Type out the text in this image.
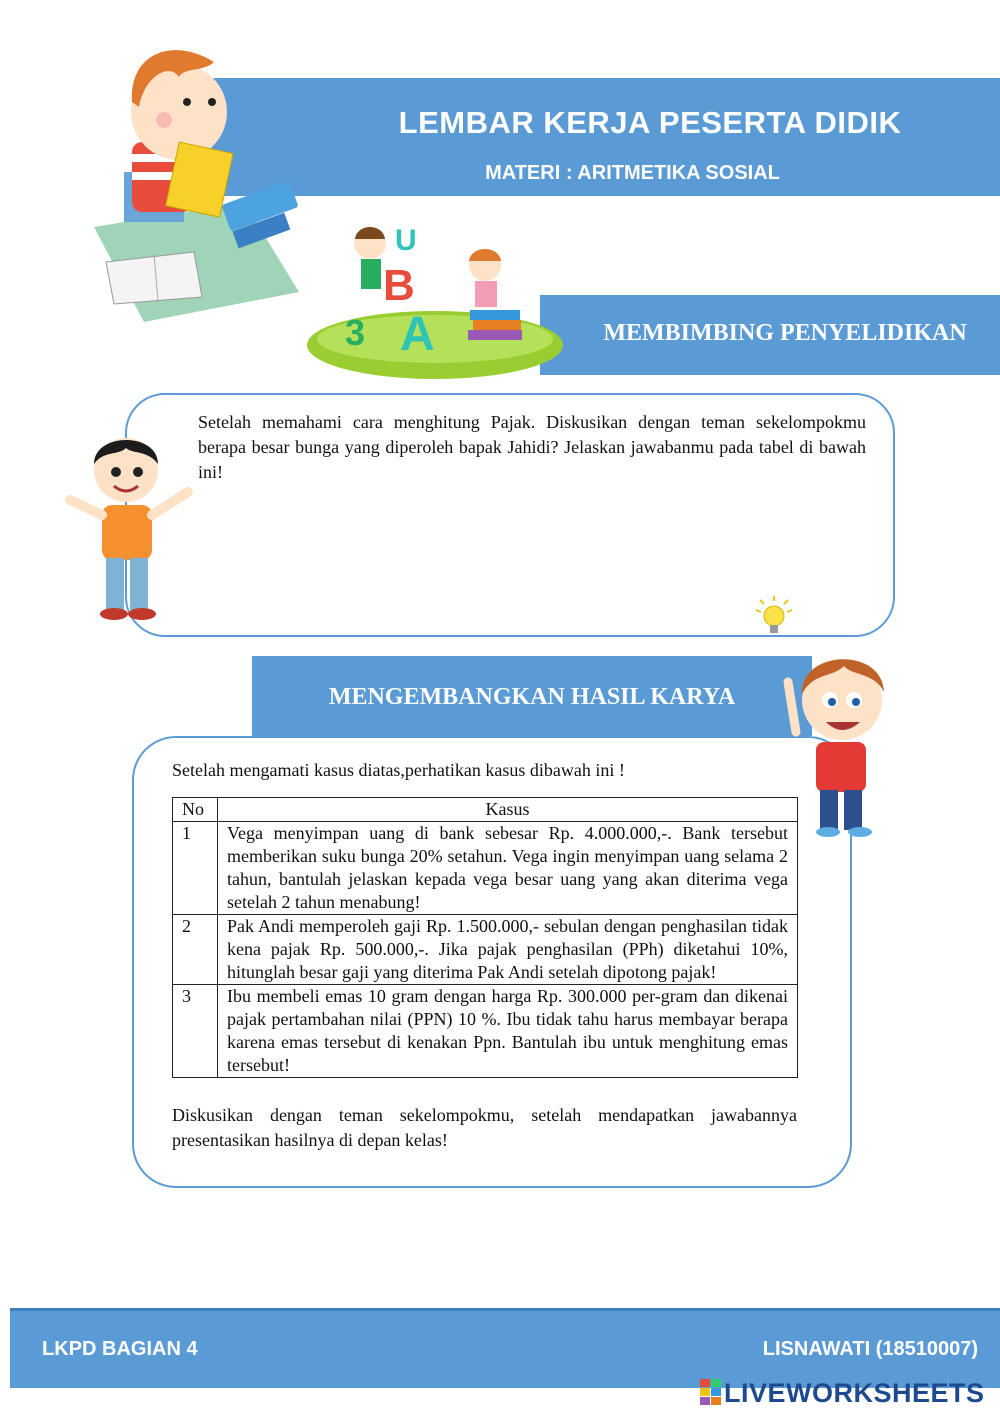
LEMBAR KERJA PESERTA DIDIK
MATERI : ARITMETIKA SOSIAL
B
A
3
U
MEMBIMBING PENYELIDIKAN
Setelah memahami cara menghitung Pajak. Diskusikan dengan teman sekelompokmu berapa besar bunga yang diperoleh bapak Jahidi? Jelaskan jawabanmu pada tabel di bawah ini!
MENGEMBANGKAN HASIL KARYA
Setelah mengamati kasus diatas,perhatikan kasus dibawah ini !
No	Kasus
1	Vega menyimpan uang di bank sebesar Rp. 4.000.000,-. Bank tersebut memberikan suku bunga 20% setahun. Vega ingin menyimpan uang selama 2 tahun, bantulah jelaskan kepada vega besar uang yang akan diterima vega setelah 2 tahun menabung!
2	Pak Andi memperoleh gaji Rp. 1.500.000,- sebulan dengan penghasilan tidak kena pajak Rp. 500.000,-. Jika pajak penghasilan (PPh) diketahui 10%, hitunglah besar gaji yang diterima Pak Andi setelah dipotong pajak!
3	Ibu membeli emas 10 gram dengan harga Rp. 300.000 per-gram dan dikenai pajak pertambahan nilai (PPN) 10 %. Ibu tidak tahu harus membayar berapa karena emas tersebut di kenakan Ppn. Bantulah ibu untuk menghitung emas tersebut!
Diskusikan dengan teman sekelompokmu, setelah mendapatkan jawabannya presentasikan hasilnya di depan kelas!
LKPD BAGIAN 4	LISNAWATI (18510007)
LIVEWORKSHEETS
